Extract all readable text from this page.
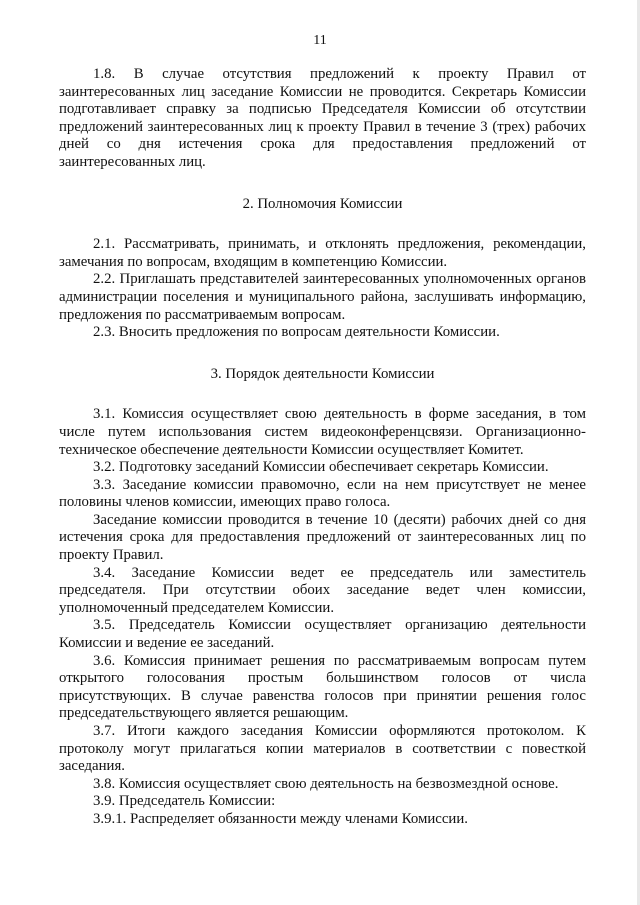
11

1.8. В случае отсутствия предложений к проекту Правил от заинтересованных лиц заседание Комиссии не проводится. Секретарь Комиссии подготавливает справку за подписью Председателя Комиссии об отсутствии предложений заинтересованных лиц к проекту Правил в течение 3 (трех) рабочих дней со дня истечения срока для предоставления предложений от заинтересованных лиц.

2. Полномочия Комиссии

2.1. Рассматривать, принимать, и отклонять предложения, рекомендации, замечания по вопросам, входящим в компетенцию Комиссии.

2.2. Приглашать представителей заинтересованных уполномоченных органов администрации поселения и муниципального района, заслушивать информацию, предложения по рассматриваемым вопросам.

2.3. Вносить предложения по вопросам деятельности Комиссии.

3. Порядок деятельности Комиссии

3.1. Комиссия осуществляет свою деятельность в форме заседания, в том числе путем использования систем видеоконференцсвязи. Организационно-техническое обеспечение деятельности Комиссии осуществляет Комитет.

3.2. Подготовку заседаний Комиссии обеспечивает секретарь Комиссии.

3.3. Заседание комиссии правомочно, если на нем присутствует не менее половины членов комиссии, имеющих право голоса.

Заседание комиссии проводится в течение 10 (десяти) рабочих дней со дня истечения срока для предоставления предложений от заинтересованных лиц по проекту Правил.

3.4. Заседание Комиссии ведет ее председатель или заместитель председателя. При отсутствии обоих заседание ведет член комиссии, уполномоченный председателем Комиссии.

3.5. Председатель Комиссии осуществляет организацию деятельности Комиссии и ведение ее заседаний.

3.6. Комиссия принимает решения по рассматриваемым вопросам путем открытого голосования простым большинством голосов от числа присутствующих. В случае равенства голосов при принятии решения голос председательствующего является решающим.

3.7. Итоги каждого заседания Комиссии оформляются протоколом. К протоколу могут прилагаться копии материалов в соответствии с повесткой заседания.

3.8. Комиссия осуществляет свою деятельность на безвозмездной основе.

3.9. Председатель Комиссии:

3.9.1. Распределяет обязанности между членами Комиссии.
